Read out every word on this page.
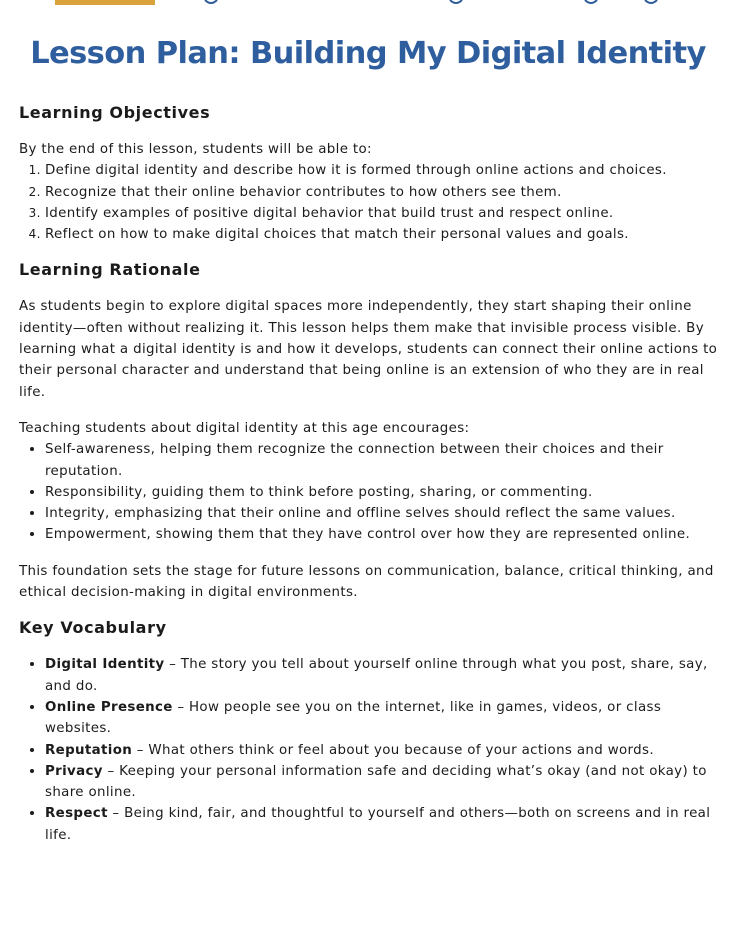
Lesson Plan: Building My Digital Identity
Learning Objectives

By the end of this lesson, students will be able to:

1. Define digital identity and describe how it is formed through online actions and choices.
2. Recognize that their online behavior contributes to how others see them.
3. Identify examples of positive digital behavior that build trust and respect online.
4. Reflect on how to make digital choices that match their personal values and goals.
Learning Rationale

As students begin to explore digital spaces more independently, they start shaping their online identity—often without realizing it. This lesson helps them make that invisible process visible. By learning what a digital identity is and how it develops, students can connect their online actions to their personal character and understand that being online is an extension of who they are in real life.

Teaching students about digital identity at this age encourages:

• Self-awareness, helping them recognize the connection between their choices and their reputation.
• Responsibility, guiding them to think before posting, sharing, or commenting.
• Integrity, emphasizing that their online and offline selves should reflect the same values.
• Empowerment, showing them that they have control over how they are represented online.

This foundation sets the stage for future lessons on communication, balance, critical thinking, and ethical decision-making in digital environments.

Key Vocabulary
• Digital Identity – The story you tell about yourself online through what you post, share, say, and do.
• Online Presence – How people see you on the internet, like in games, videos, or class websites.
• Reputation – What others think or feel about you because of your actions and words.
• Privacy – Keeping your personal information safe and deciding what’s okay (and not okay) to share online.
• Respect – Being kind, fair, and thoughtful to yourself and others—both on screens and in real life.
